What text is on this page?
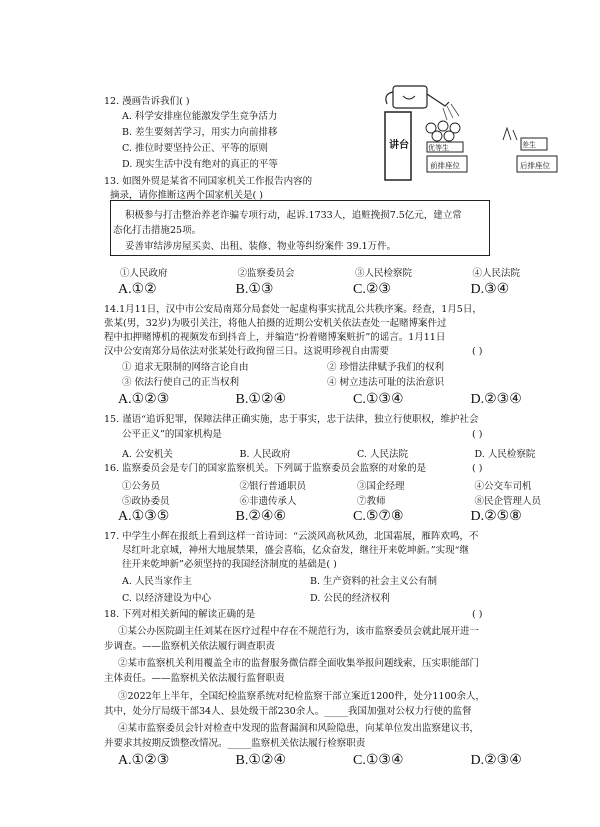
12. 漫画告诉我们( )
A. 科学安排座位能激发学生竞争活力
B. 差生要刻苦学习，用实力向前排移
C. 推位时要坚持公正、平等的原则
D. 现实生活中没有绝对的真正的平等
讲台	优等生	差生
前排座位	后排座位
13. 如图外贸是某省不同国家机关工作报告内容的
摘录，请你推断这两个国家机关是( )
积极参与打击整治养老诈骗专项行动，起诉.1733人，追赃挽损7.5亿元，建立常
态化打击措施25项。
妥善审结涉房屋买卖、出租、装修、物业等纠纷案件 39.1万件。
①人民政府	②监察委员会	③人民检察院	④人民法院
A.①②	B.①③	C.②③	D.③④
14.1月11日，汉中市公安局南郑分局套处一起虚构事实扰乱公共秩序案。经查，1月5日，
张某(男，32岁)为吸引关注，将他人拍摄的近期公安机关依法查处一起赌博案件过
程中扣押赌博机的视频发布到抖音上，并编造“扮着赌博案赃折”的谣言。1月11日
汉中公安南郑分局依法对张某处行政拘留三日。这说明珍视自由需要	( )
① 追求无限制的网络言论自由	② 珍惜法律赋予我们的权利
③ 依法行使自己的正当权利	④ 树立违法可耻的法治意识
A.①②③	B.①②④	C.①③④	D.②③④
15. 谨语“追诉犯罪，保障法律正确实施，忠于事实，忠于法律，独立行使职权，维护社会
公平正义”的国家机构是	( )
A. 公安机关	B. 人民政府	C. 人民法院	D. 人民检察院
16. 监察委员会是专门的国家监察机关。下列属于监察委员会监察的对象的是	( )
①公务员	②银行普通职员	③国企经理	④公交车司机
⑤政协委员	⑥非遗传承人	⑦教师	⑧民企管理人员
A.①③⑤	B.②④⑥	C.⑤⑦⑧	D.②⑤⑧
17. 中学生小辉在报纸上看到这样一首诗词：“云淡风高秋风劲，北国霜展，雁阵欢鸣，不
尽红叶北京城，神州大地展禁果，盛会喜临，亿众奋发，继往开来乾坤新。”实现“继
往开来乾坤新”必须坚持的我国经济制度的基础是( )
A. 人民当家作主	B. 生产资料的社会主义公有制
C. 以经济建设为中心	D. 公民的经济权利
18. 下列对相关新闻的解读正确的是	( )
①某公办医院副主任刘某在医疗过程中存在不规范行为，该市监察委员会就此展开进一
步调查。——监察机关依法履行调查职责
②某市监察机关利用覆盖全市的监督服务微信群全面收集举报问题线索，压实职能部门
主体责任。——监察机关依法履行监督职责
③2022年上半年，全国纪检监察系统对纪检监察干部立案近1200件，处分1100余人，
其中，处分厅局级干部34人、县处级干部230余人。_____我国加强对公权力行使的监督
④某市监察委员会针对检查中发现的监督漏洞和风险隐患，向某单位发出监察建议书，
并要求其按期反馈整改情况。_____监察机关依法履行检察职责
A.①②③	B.①②④	C.①③④	D.②③④
